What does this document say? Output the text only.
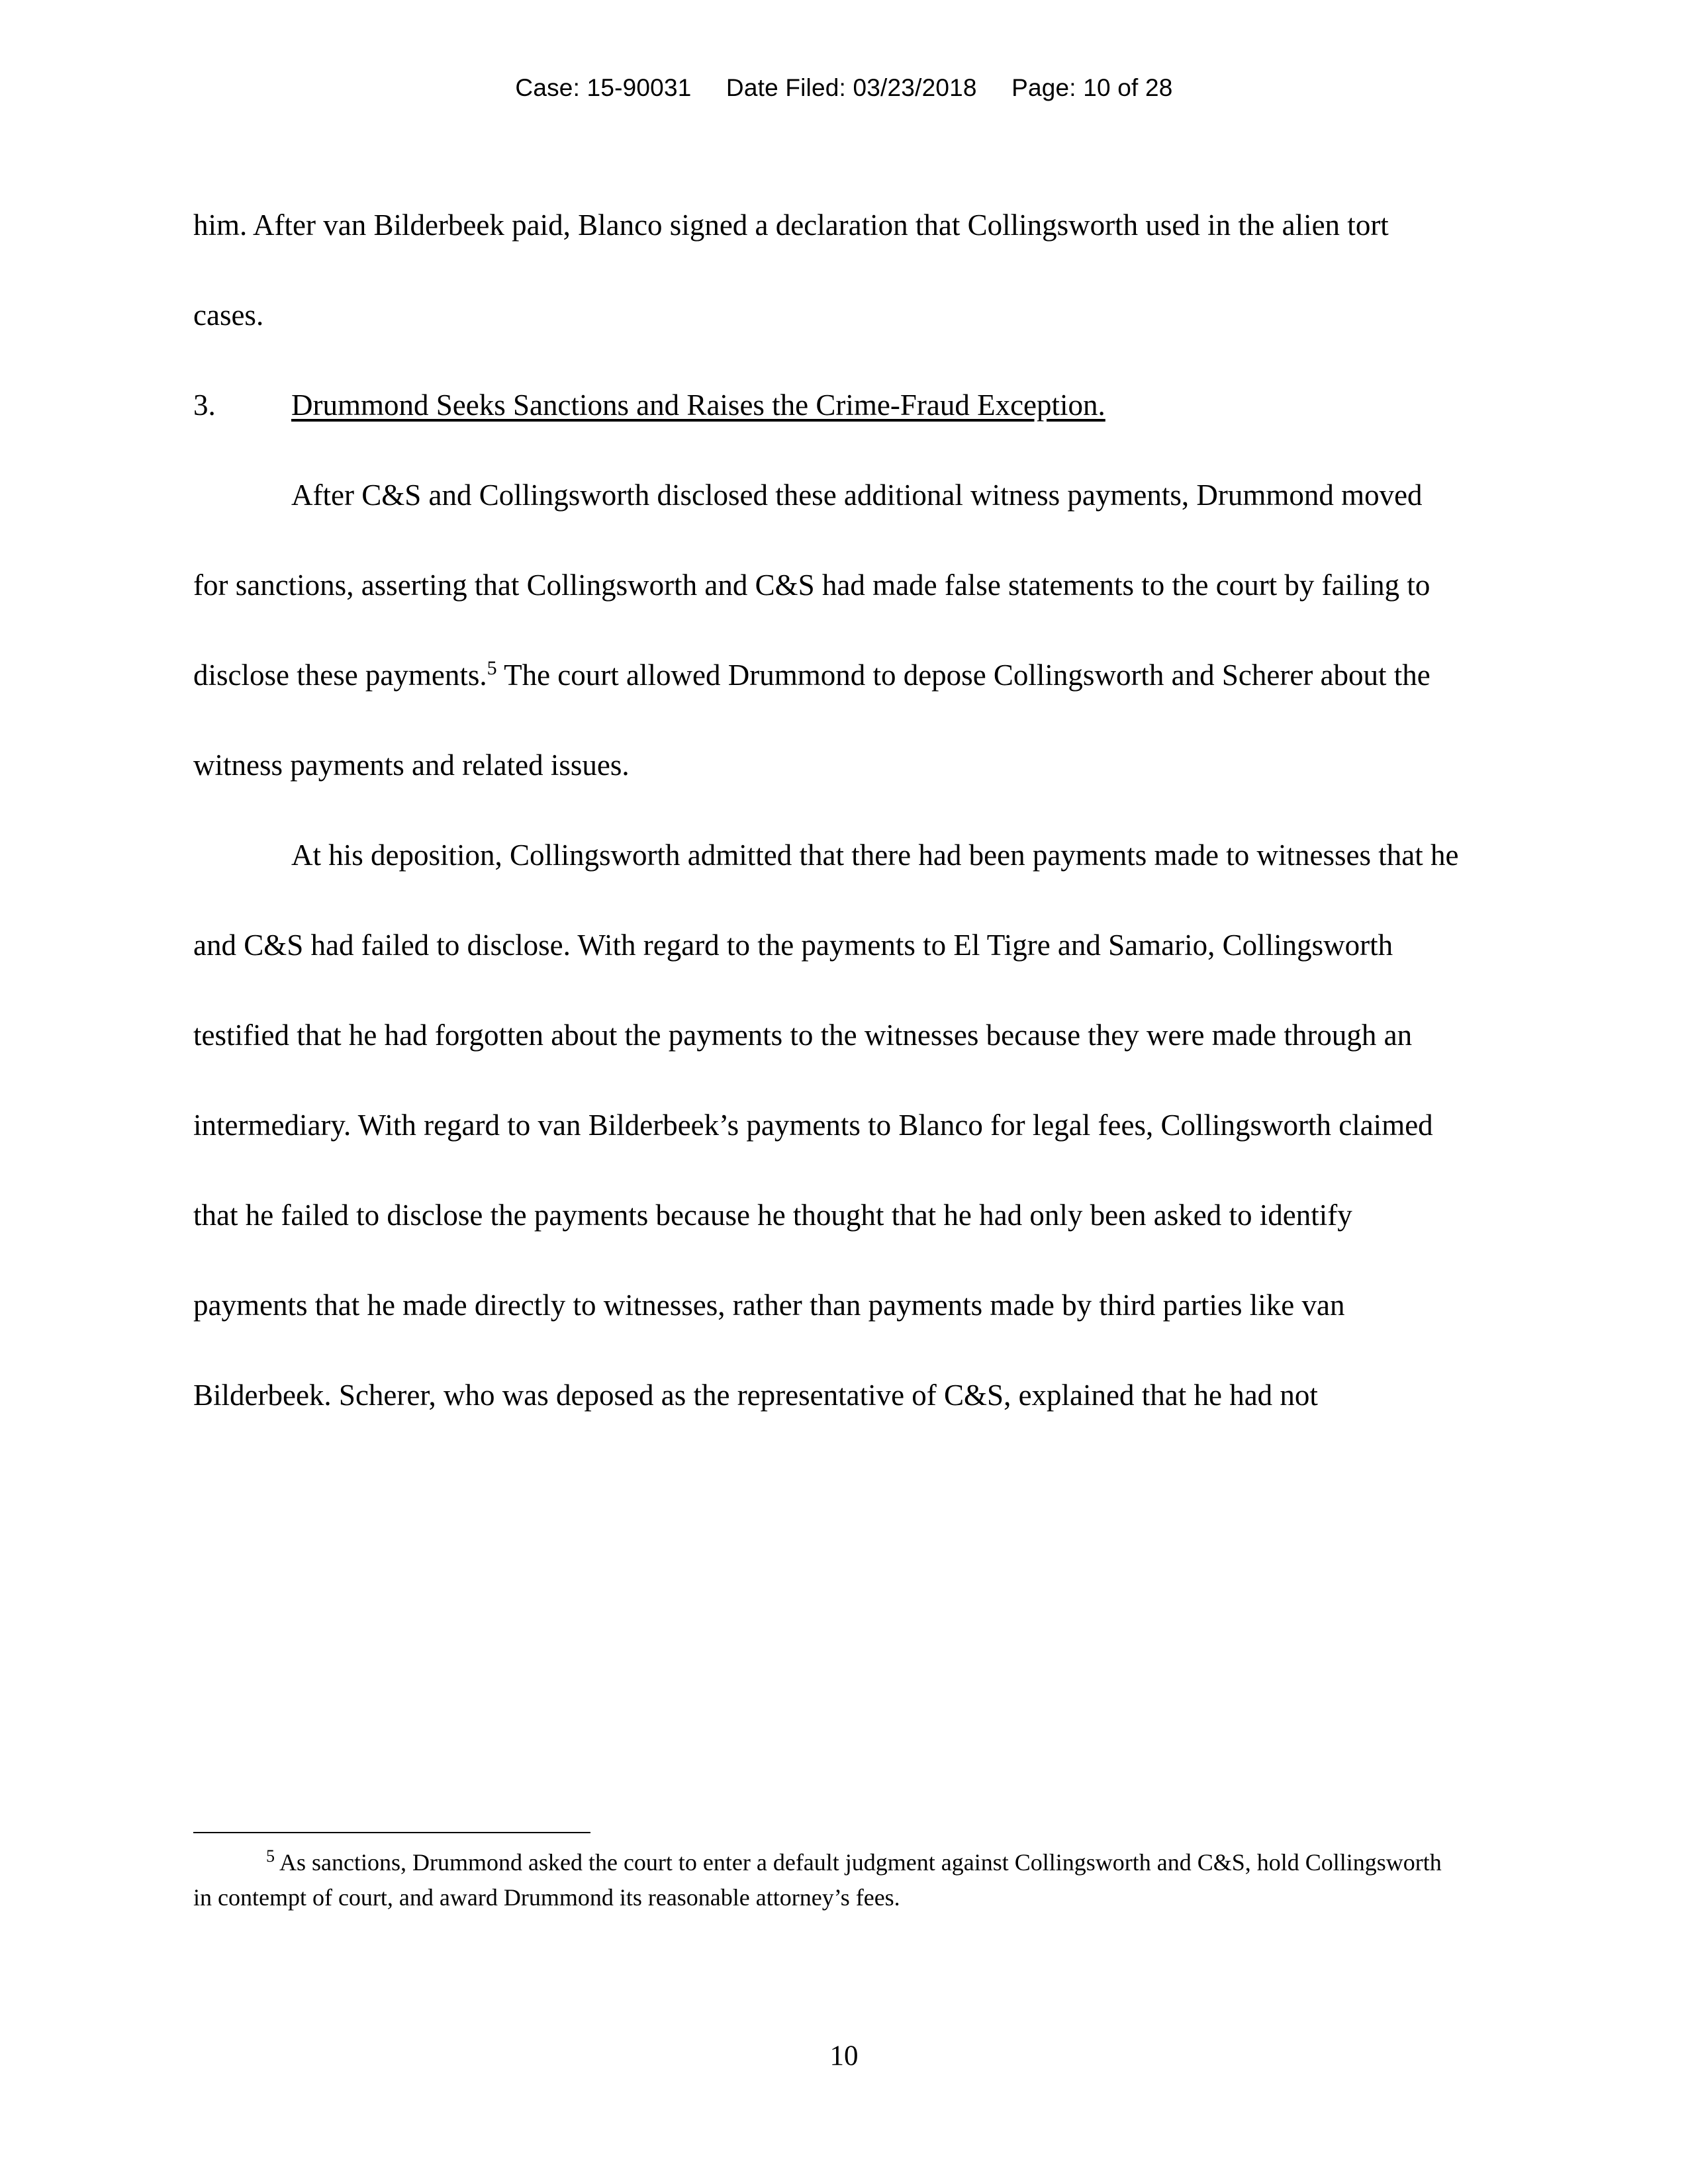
Case: 15-90031     Date Filed: 03/23/2018     Page: 10 of 28

him. After van Bilderbeek paid, Blanco signed a declaration that Collingsworth used in the alien tort cases.

3.	Drummond Seeks Sanctions and Raises the Crime-Fraud Exception.

After C&S and Collingsworth disclosed these additional witness payments, Drummond moved for sanctions, asserting that Collingsworth and C&S had made false statements to the court by failing to disclose these payments.$^5$ The court allowed Drummond to depose Collingsworth and Scherer about the witness payments and related issues.

At his deposition, Collingsworth admitted that there had been payments made to witnesses that he and C&S had failed to disclose. With regard to the payments to El Tigre and Samario, Collingsworth testified that he had forgotten about the payments to the witnesses because they were made through an intermediary. With regard to van Bilderbeek’s payments to Blanco for legal fees, Collingsworth claimed that he failed to disclose the payments because he thought that he had only been asked to identify payments that he made directly to witnesses, rather than payments made by third parties like van Bilderbeek. Scherer, who was deposed as the representative of C&S, explained that he had not

$^5$ As sanctions, Drummond asked the court to enter a default judgment against Collingsworth and C&S, hold Collingsworth in contempt of court, and award Drummond its reasonable attorney’s fees.

10
